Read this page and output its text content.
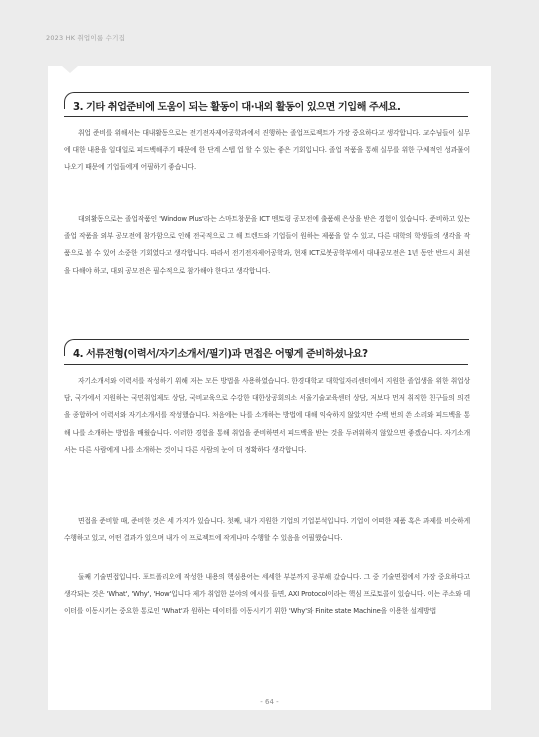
2023 HK 취업이룸 수기집
3. 기타 취업준비에 도움이 되는 활동이 대·내외 활동이 있으면 기입해 주세요.

취업 준비를 위해서는 대내활동으로는 전기전자제어공학과에서 진행하는 졸업프로젝트가 가장 중요하다고 생각합니다. 교수님들이 실무에 대한 내용을 일대일로 피드백해주기 때문에 한 단계 스텝 업 할 수 있는 좋은 기회입니다. 졸업 작품을 통해 실무를 위한 구체적인 성과물이 나오기 때문에 기업들에게 어필하기 좋습니다.

대외활동으로는 졸업작품인 'Window Plus'라는 스마트창문을 ICT 멘토링 공모전에 출품해 은상을 받은 경험이 있습니다. 준비하고 있는 졸업 작품을 외부 공모전에 참가함으로 인해 전국적으로 그 해 트렌드와 기업들이 원하는 제품을 알 수 있고, 다른 대학의 학생들의 생각을 작품으로 볼 수 있어 소중한 기회였다고 생각합니다. 따라서 전기전자제어공학과, 현재 ICT로봇공학부에서 대내공모전은 1년 동안 반드시 최선을 다해야 하고, 대외 공모전은 필수적으로 참가해야 한다고 생각합니다.

4. 서류전형(이력서/자기소개서/필기)과 면접은 어떻게 준비하셨나요?

자기소개서와 이력서를 작성하기 위해 저는 모든 방법을 사용하였습니다. 한경대학교 대학일자리센터에서 지원한 졸업생을 위한 취업상담, 국가에서 지원하는 국민취업제도 상담, 국비교육으로 수강한 대한상공회의소 서울기술교육센터 상담, 저보다 먼저 취직한 친구들의 의견을 종합하여 이력서와 자기소개서를 작성했습니다. 처음에는 나를 소개하는 방법에 대해 익숙하지 않았지만 수백 번의 쓴 소리와 피드백을 통해 나를 소개하는 방법을 배웠습니다. 이러한 경험을 통해 취업을 준비하면서 피드백을 받는 것을 두려워하지 않았으면 좋겠습니다. 자기소개서는 다른 사람에게 나를 소개하는 것이니 다른 사람의 눈이 더 정확하다 생각합니다.

면접을 준비할 때, 준비한 것은 세 가지가 있습니다. 첫째, 내가 지원한 기업의 기업분석입니다. 기업이 어떠한 제품 혹은 과제를 비슷하게 수행하고 있고, 어떤 결과가 있으며 내가 이 프로젝트에 작게나마 수행할 수 있음을 어필했습니다.

둘째 기술면접입니다. 포트폴리오에 작성한 내용의 핵심용어는 세세한 부분까지 공부해 갔습니다. 그 중 기술면접에서 가장 중요하다고 생각되는 것은 'What', 'Why', 'How'입니다 제가 취업한 분야의 예시를 들면, AXI Protocol이라는 핵심 프로토콜이 있습니다. 이는 주소와 데이터를 이동시키는 중요한 통로인 'What'과 원하는 데이터를 이동시키기 위한 'Why'와 Finite state Machine을 이용한 설계방법

- 64 -
